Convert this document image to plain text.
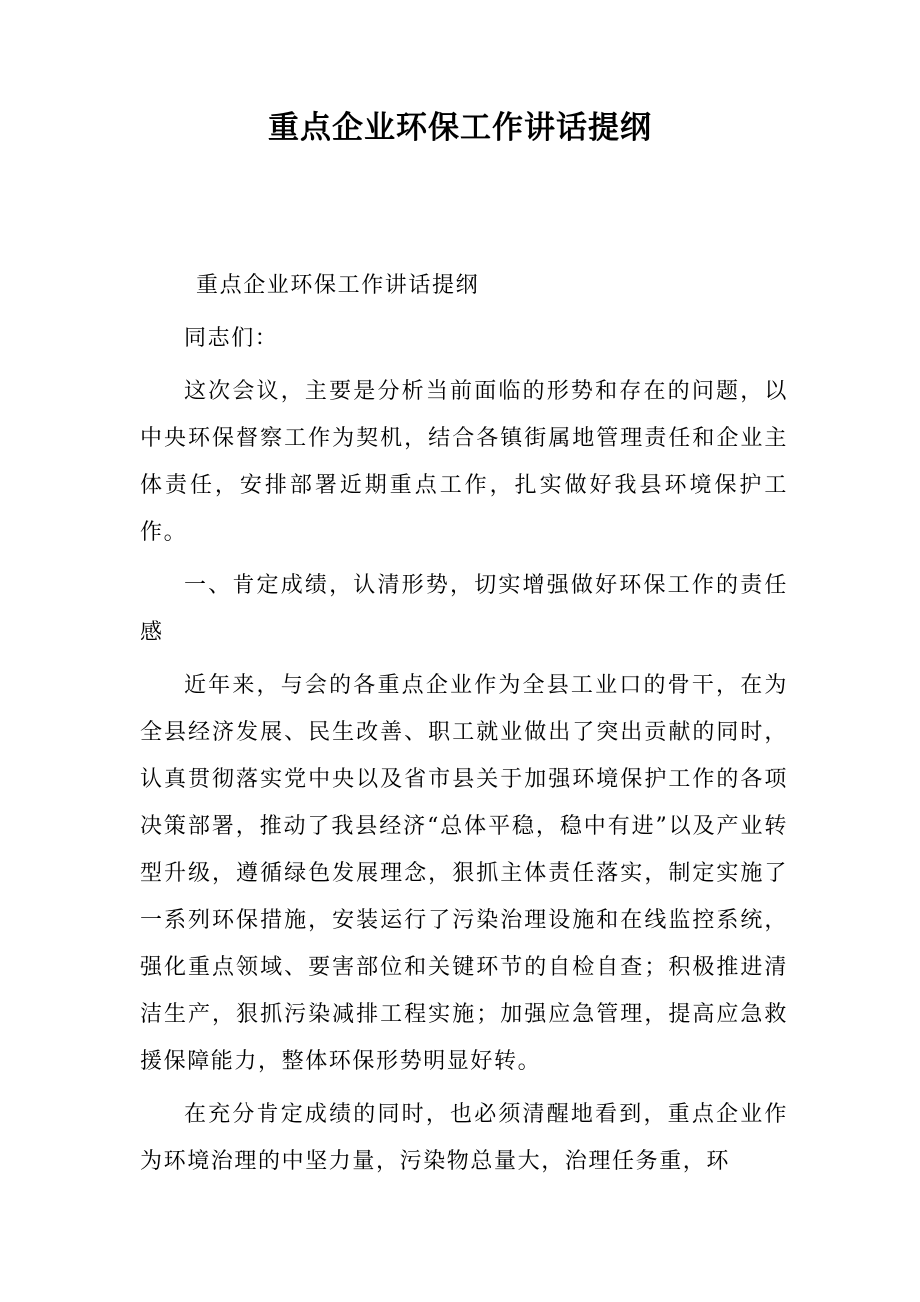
重点企业环保工作讲话提纲

重点企业环保工作讲话提纲

同志们：

这次会议，主要是分析当前面临的形势和存在的问题，以中央环保督察工作为契机，结合各镇街属地管理责任和企业主体责任，安排部署近期重点工作，扎实做好我县环境保护工作。

一、肯定成绩，认清形势，切实增强做好环保工作的责任感

近年来，与会的各重点企业作为全县工业口的骨干，在为全县经济发展、民生改善、职工就业做出了突出贡献的同时，认真贯彻落实党中央以及省市县关于加强环境保护工作的各项决策部署，推动了我县经济“总体平稳，稳中有进”以及产业转型升级，遵循绿色发展理念，狠抓主体责任落实，制定实施了一系列环保措施，安装运行了污染治理设施和在线监控系统，强化重点领域、要害部位和关键环节的自检自查；积极推进清洁生产，狠抓污染减排工程实施；加强应急管理，提高应急救援保障能力，整体环保形势明显好转。

在充分肯定成绩的同时，也必须清醒地看到，重点企业作为环境治理的中坚力量，污染物总量大，治理任务重，环
